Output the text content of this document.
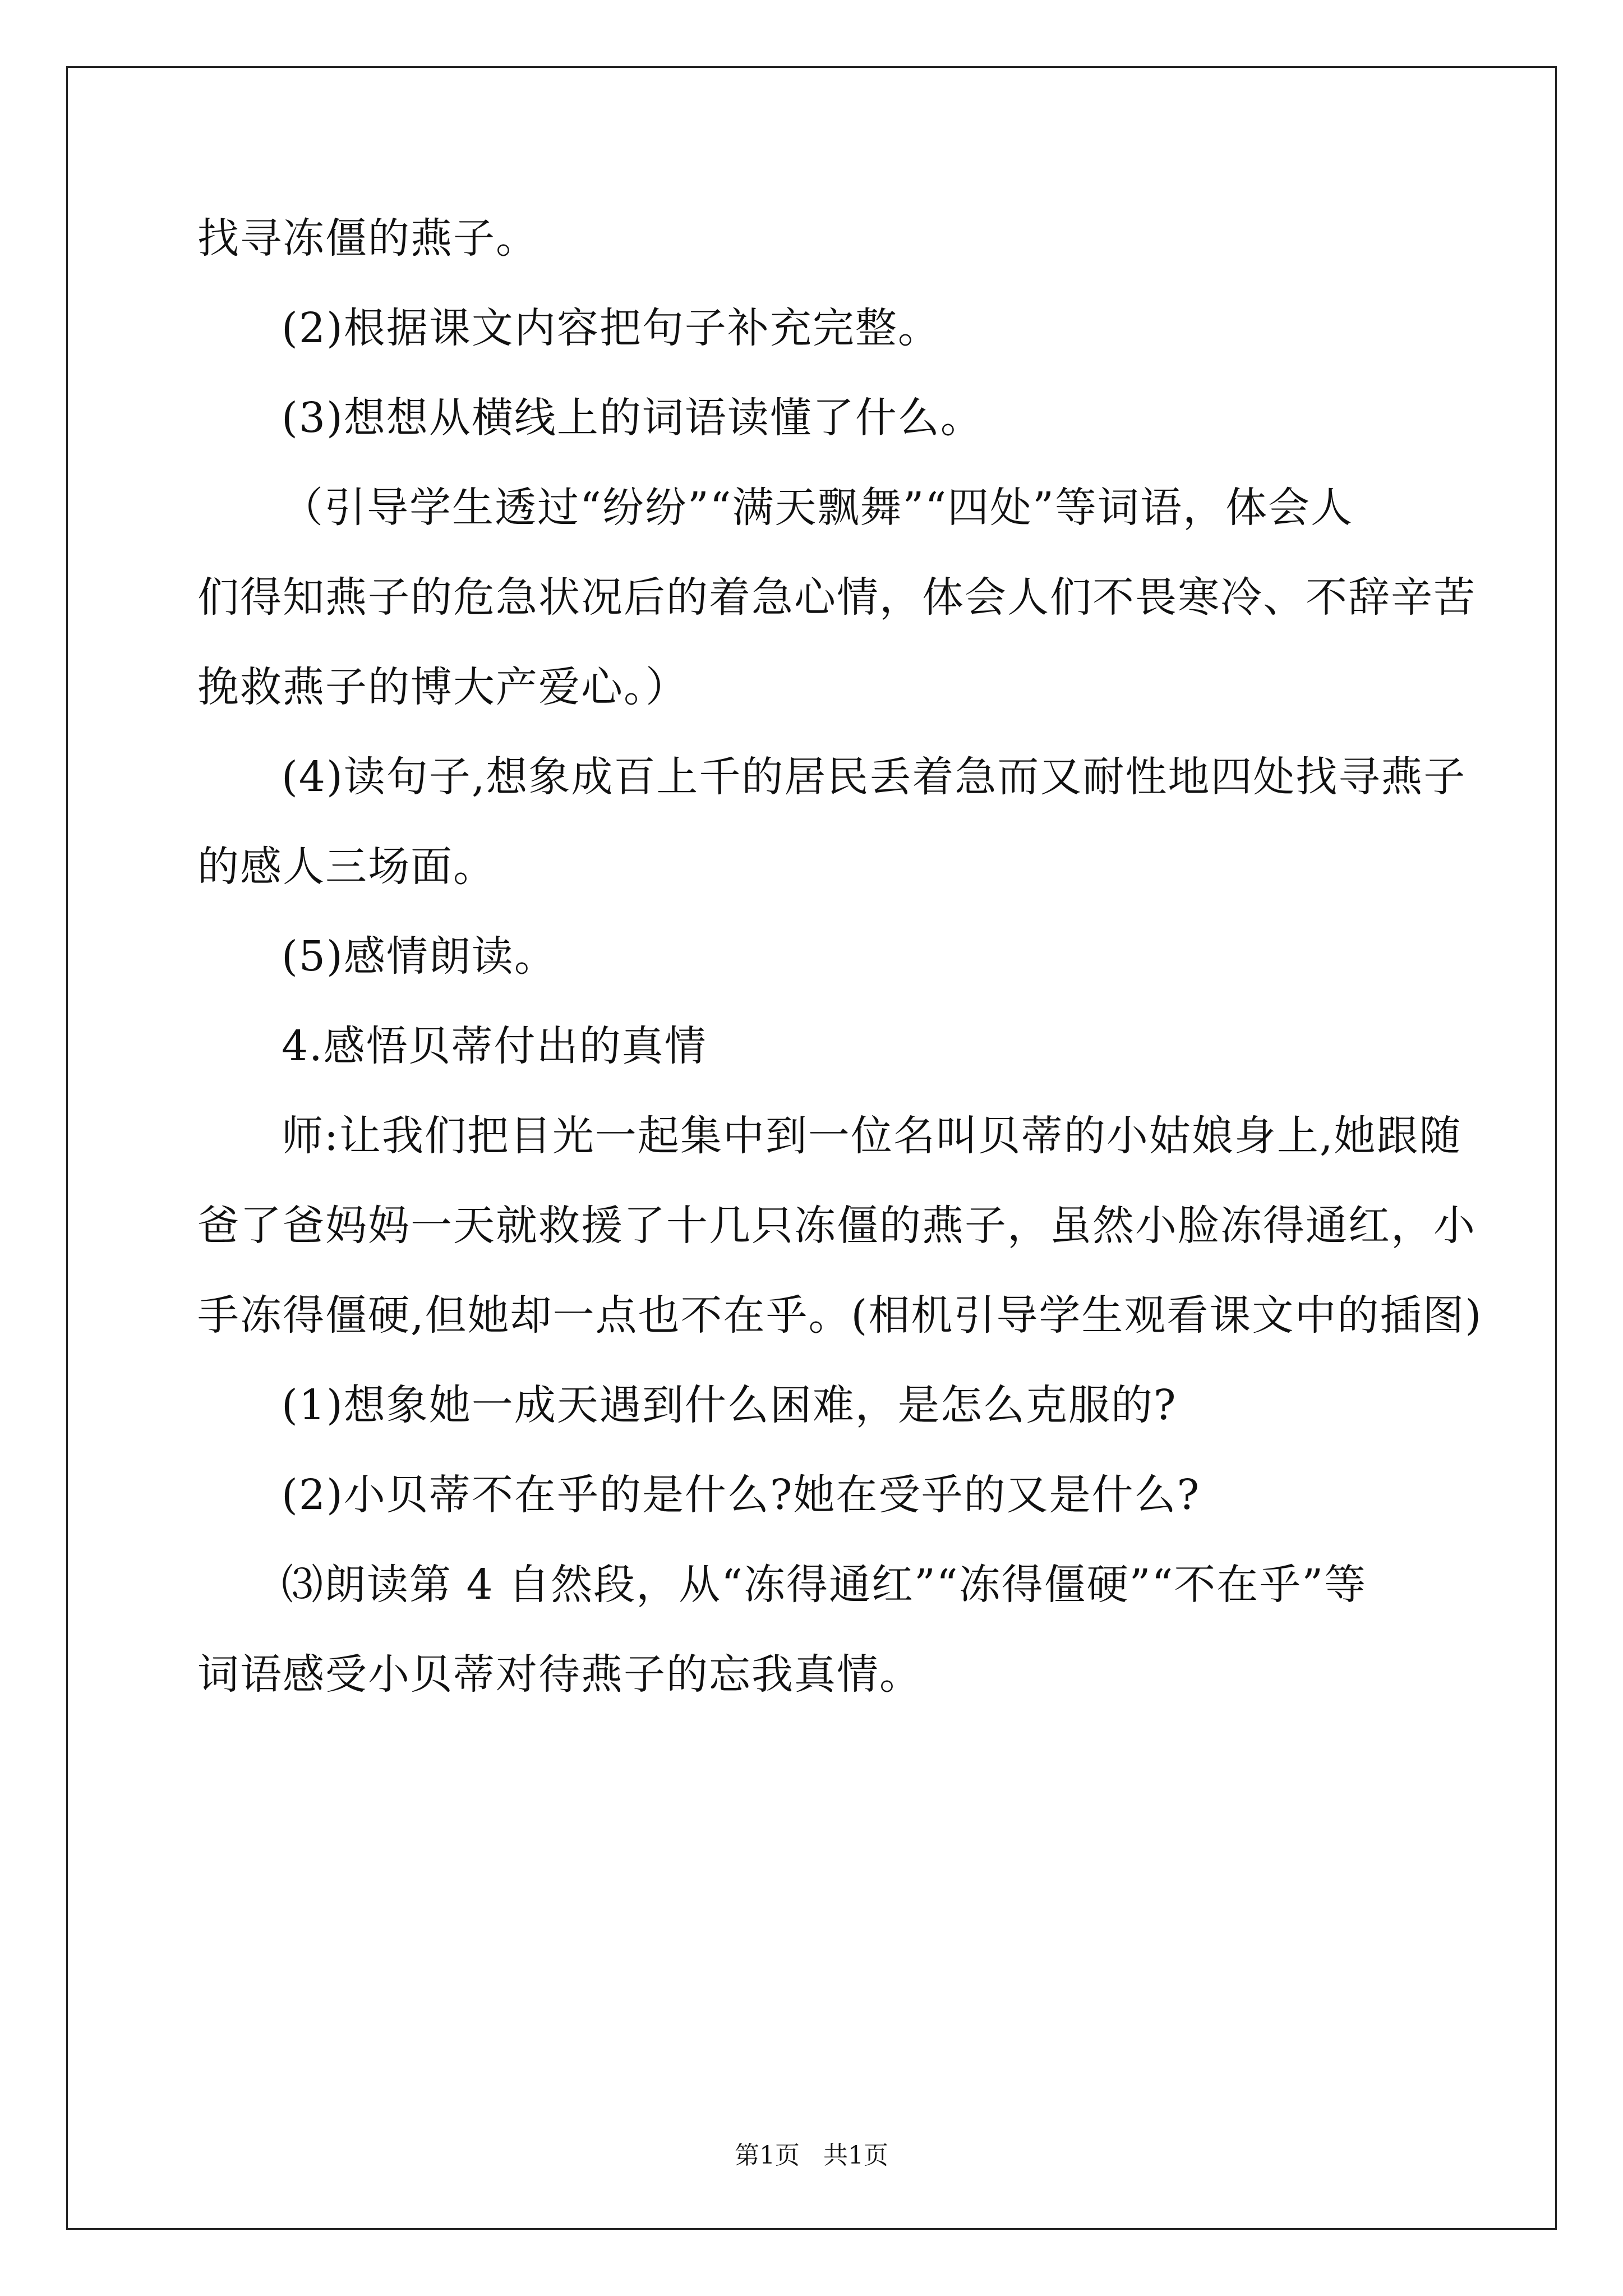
找寻冻僵的燕子。
(2)根据课文内容把句子补充完整。
(3)想想从横线上的词语读懂了什么。
（引导学生透过“纷纷”“满天飘舞”“四处”等词语，体会人
们得知燕子的危急状况后的着急心情，体会人们不畏寒冷、不辞辛苦
挽救燕子的博大产爱心。）
(4)读句子,想象成百上千的居民丢着急而又耐性地四处找寻燕子
的感人三场面。
(5)感情朗读。
4.感悟贝蒂付出的真情
师:让我们把目光一起集中到一位名叫贝蒂的小姑娘身上,她跟随
爸了爸妈妈一天就救援了十几只冻僵的燕子，虽然小脸冻得通红，小
手冻得僵硬,但她却一点也不在乎。(相机引导学生观看课文中的插图)
(1)想象她一成天遇到什么困难，是怎么克服的?
(2)小贝蒂不在乎的是什么?她在受乎的又是什么?
⑶朗读第 4 自然段，从“冻得通红”“冻得僵硬”“不在乎”等
词语感受小贝蒂对待燕子的忘我真情。
第1页   共1页
